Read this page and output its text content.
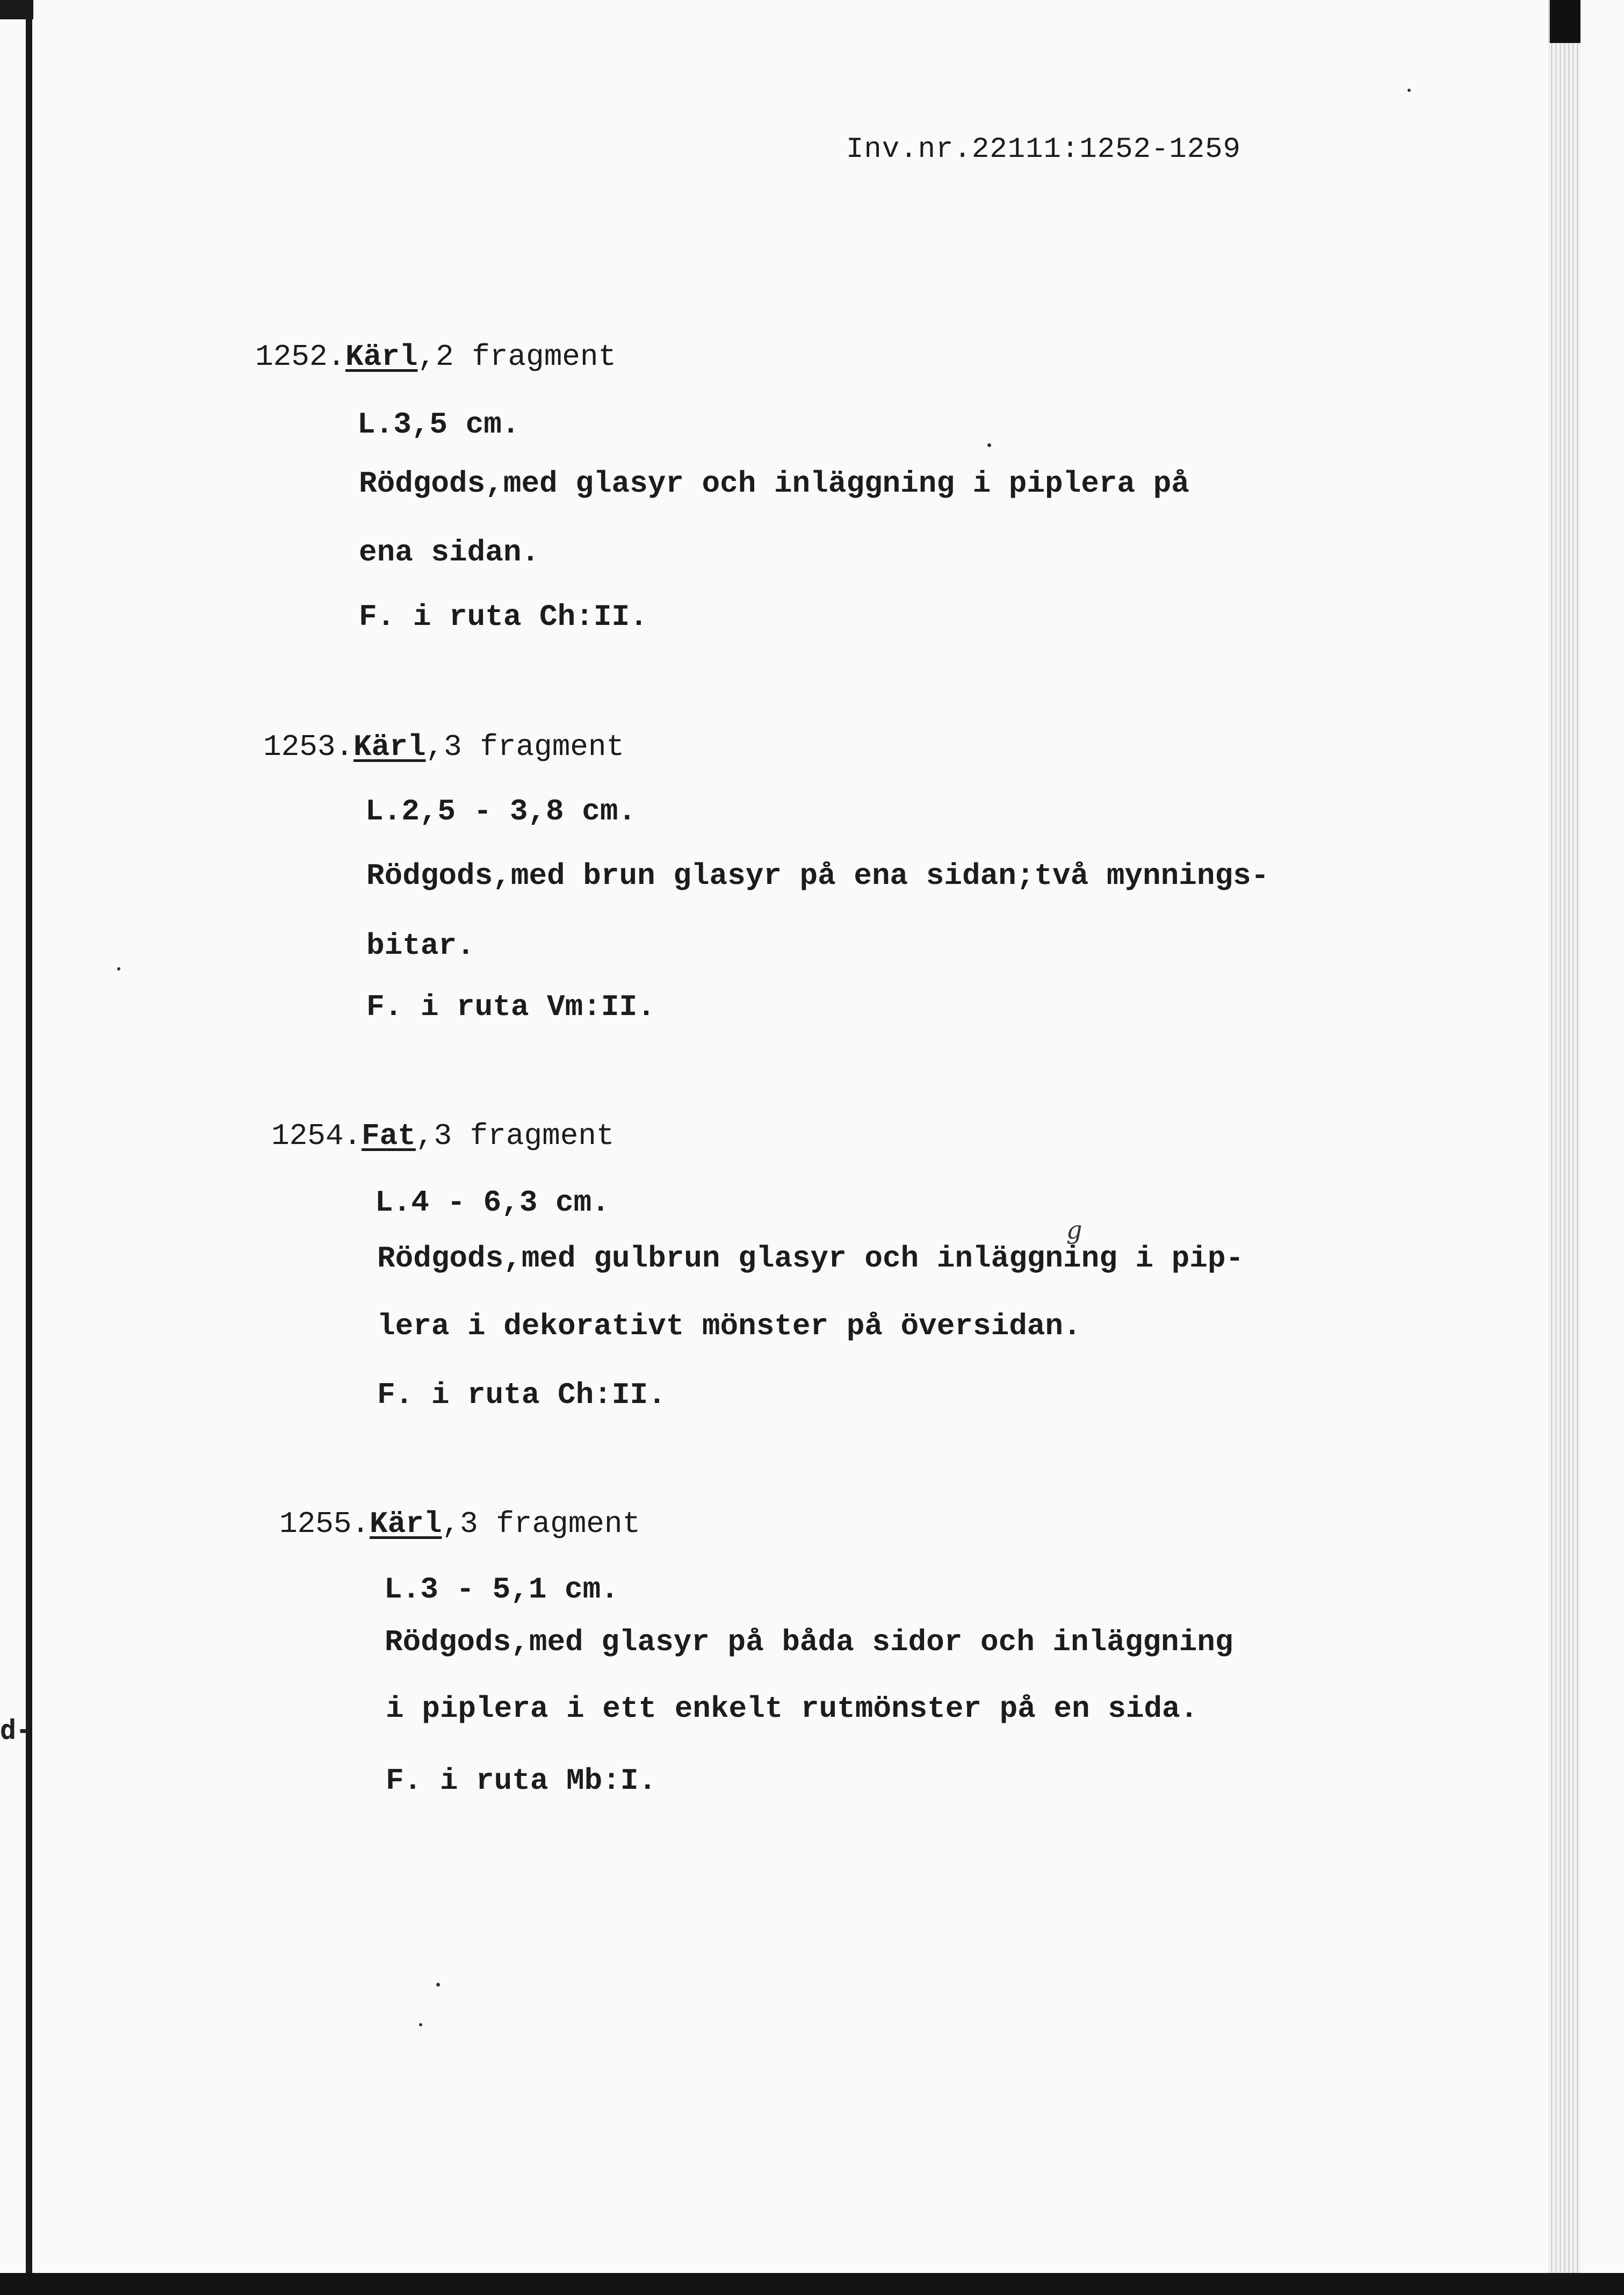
d-
Inv.nr.22111:1252-1259
1252.Kärl,2 fragment
L.3,5 cm.
Rödgods,med glasyr och inläggning i piplera på
ena sidan.
F. i ruta Ch:II.
1253.Kärl,3 fragment
L.2,5 - 3,8 cm.
Rödgods,med brun glasyr på ena sidan;två mynnings-
bitar.
F. i ruta Vm:II.
1254.Fat,3 fragment
L.4 - 6,3 cm.
Rödgods,med gulbrun glasyr och inläggning i pip-
lera i dekorativt mönster på översidan.
F. i ruta Ch:II.
g
1255.Kärl,3 fragment
L.3 - 5,1 cm.
Rödgods,med glasyr på båda sidor och inläggning
i piplera i ett enkelt rutmönster på en sida.
F. i ruta Mb:I.
